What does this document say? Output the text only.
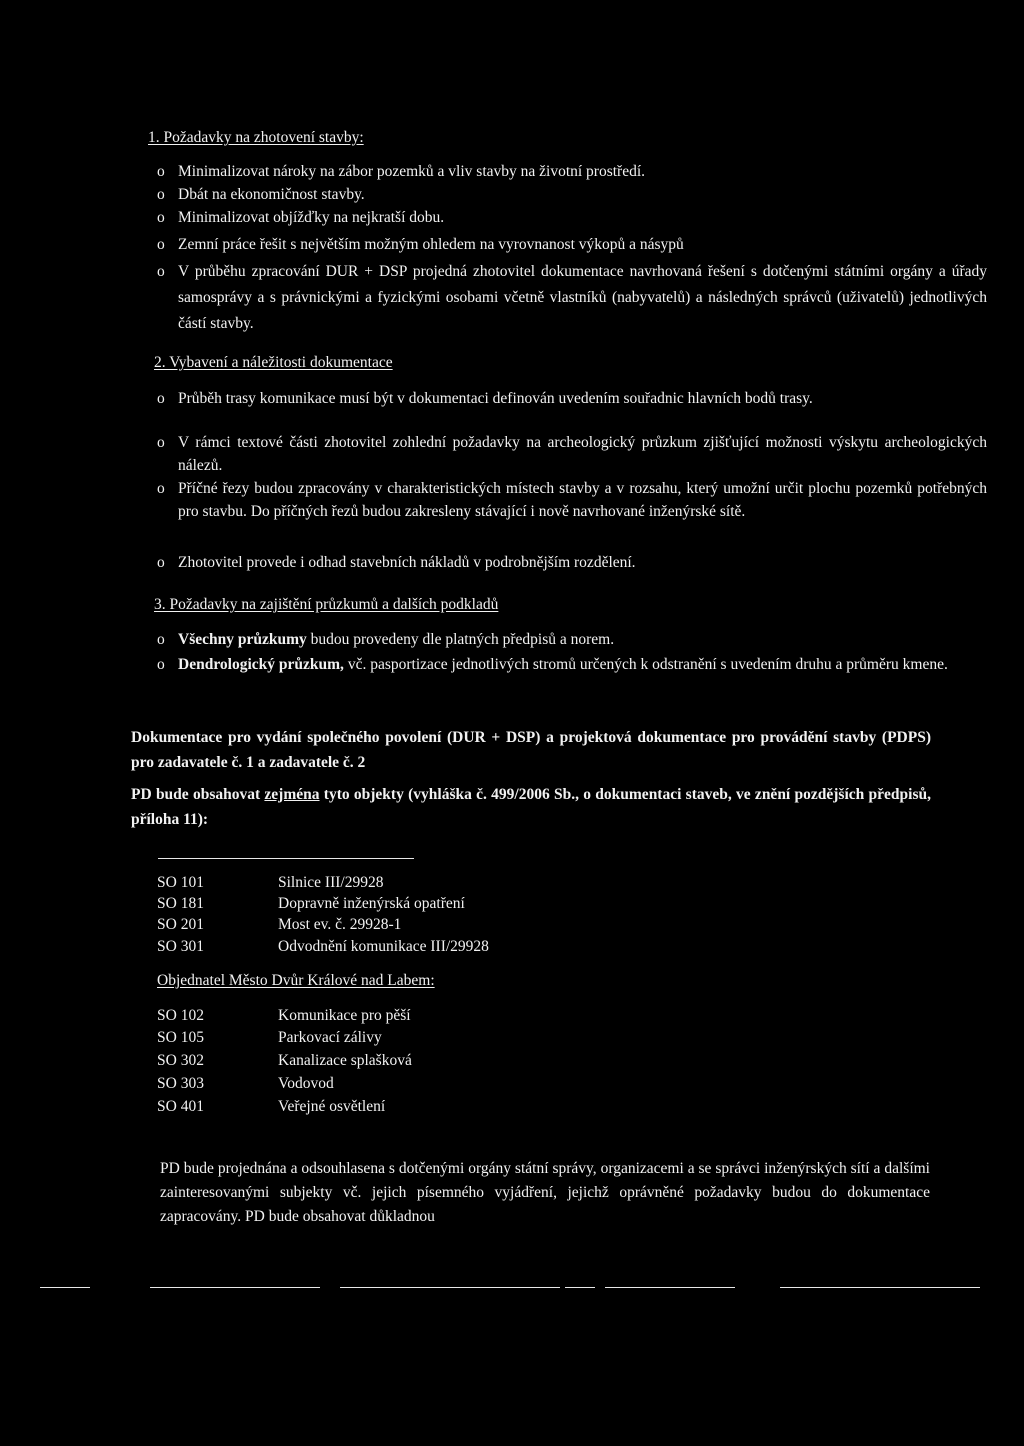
1. Požadavky na zhotovení stavby:
o Minimalizovat nároky na zábor pozemků a vliv stavby na životní prostředí.
o Dbát na ekonomičnost stavby.
o Minimalizovat objížďky na nejkratší dobu.
o Zemní práce řešit s největším možným ohledem na vyrovnanost výkopů a násypů
o V průběhu zpracování DUR + DSP projedná zhotovitel dokumentace navrhovaná řešení s dotčenými státními orgány a úřady samosprávy a s právnickými a fyzickými osobami včetně vlastníků (nabyvatelů) a následných správců (uživatelů) jednotlivých částí stavby.
2. Vybavení a náležitosti dokumentace
o Průběh trasy komunikace musí být v dokumentaci definován uvedením souřadnic hlavních bodů trasy.
o V rámci textové části zhotovitel zohlední požadavky na archeologický průzkum zjišťující možnosti výskytu archeologických nálezů.
o Příčné řezy budou zpracovány v charakteristických místech stavby a v rozsahu, který umožní určit plochu pozemků potřebných pro stavbu. Do příčných řezů budou zakresleny stávající i nově navrhované inženýrské sítě.
o Zhotovitel provede i odhad stavebních nákladů v podrobnějším rozdělení.
3. Požadavky na zajištění průzkumů a dalších podkladů
o Všechny průzkumy budou provedeny dle platných předpisů a norem.
o Dendrologický průzkum, vč. pasportizace jednotlivých stromů určených k odstranění s uvedením druhu a průměru kmene.
Dokumentace pro vydání společného povolení (DUR + DSP) a projektová dokumentace pro provádění stavby (PDPS) pro zadavatele č. 1 a zadavatele č. 2
PD bude obsahovat zejména tyto objekty (vyhláška č. 499/2006 Sb., o dokumentaci staveb, ve znění pozdějších předpisů, příloha 11):
SO 101	Silnice III/29928
SO 181	Dopravně inženýrská opatření
SO 201	Most ev. č. 29928-1
SO 301	Odvodnění komunikace III/29928
Objednatel Město Dvůr Králové nad Labem:
SO 102	Komunikace pro pěší
SO 105	Parkovací zálivy
SO 302	Kanalizace splašková
SO 303	Vodovod
SO 401	Veřejné osvětlení
PD bude projednána a odsouhlasena s dotčenými orgány státní správy, organizacemi a se správci inženýrských sítí a dalšími zainteresovanými subjekty vč. jejich písemného vyjádření, jejichž oprávněné požadavky budou do dokumentace zapracovány. PD bude obsahovat důkladnou
